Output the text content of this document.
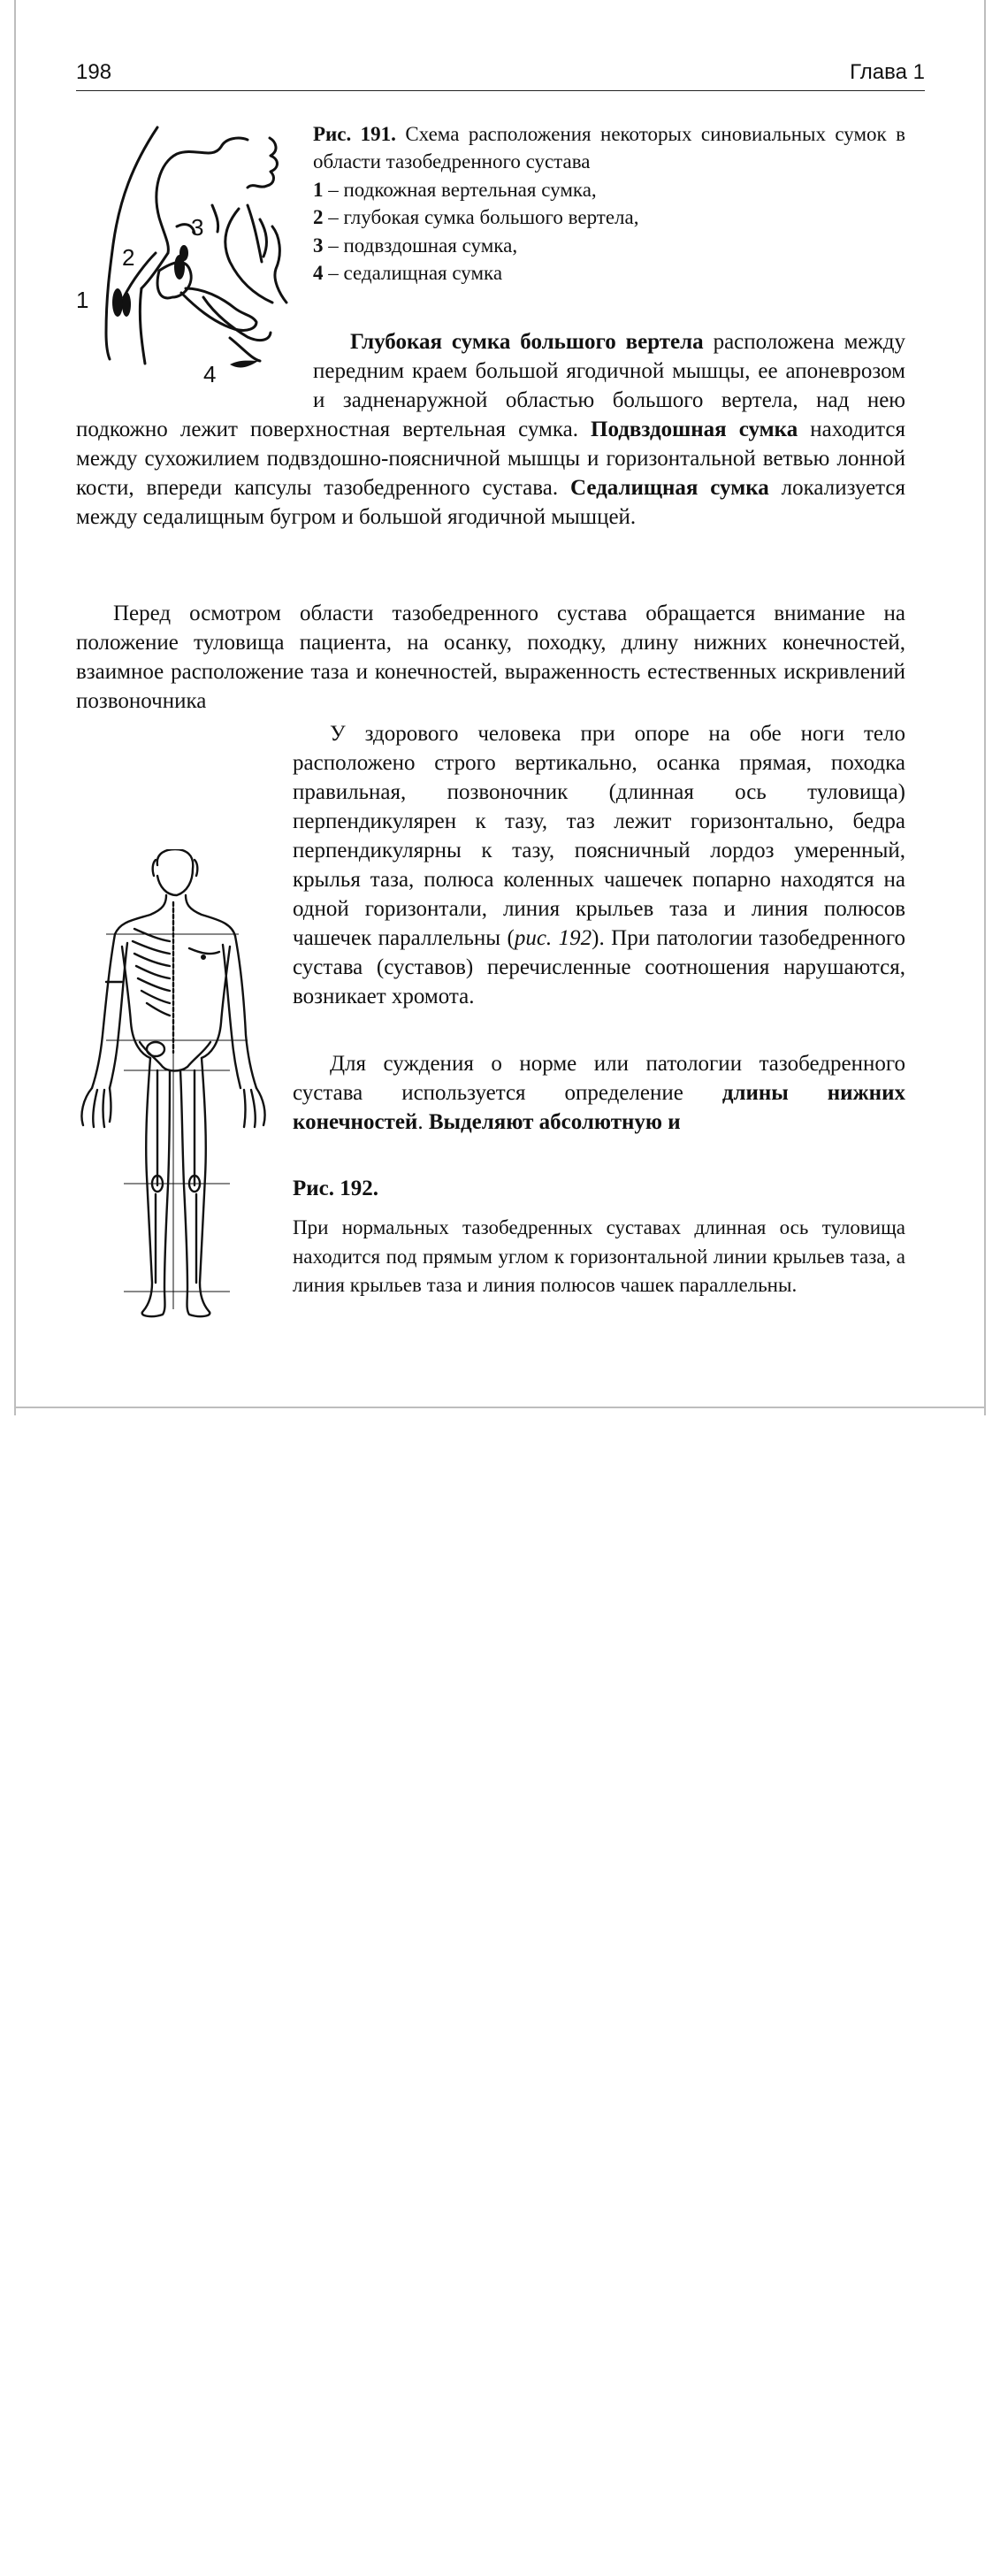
198	Глава 1
1
2
3
4

Рис. 191. Схема расположения некоторых синовиальных сумок в области тазобедренного сустава

1 – подкожная вертельная сумка,

2 – глубокая сумка большого вертела,

3 – подвздошная сумка,

4 – седалищная сумка

Глубокая сумка большого вертела расположена между передним краем большой ягодичной мышцы, ее апоневрозом и задненаружной областью большого вертела, над нею подкожно лежит поверхностная вертельная сумка. Подвздошная сумка находится между сухожилием подвздошно-поясничной мышцы и горизонтальной ветвью лонной кости, впереди капсулы тазобедренного сустава. Седалищная сумка локализуется между седалищным бугром и большой ягодичной мышцей.
Перед осмотром области тазобедренного сустава обращается внимание на положение туловища пациента, на осанку, походку, длину нижних конечностей, взаимное расположение таза и конечностей, выраженность естественных искривлений позвоночника
У здорового человека при опоре на обе ноги тело расположено строго вертикально, осанка прямая, походка правильная, позвоночник (длинная ось туловища) перпендикулярен к тазу, таз лежит горизонтально, бедра перпендикулярны к тазу, поясничный лордоз умеренный, крылья таза, полюса коленных чашечек попарно находятся на одной горизонтали, линия крыльев таза и линия полюсов чашечек параллельны (рис. 192). При патологии тазобедренного сустава (суставов) перечисленные соотношения нарушаются, возникает хромота.
Для суждения о норме или патологии тазобедренного сустава используется определение длины нижних конечностей. Выделяют абсолютную и
Рис. 192.
При нормальных тазобедренных суставах длинная ось туловища находится под прямым углом к горизонтальной линии крыльев таза, а линия крыльев таза и линия полюсов чашек параллельны.
